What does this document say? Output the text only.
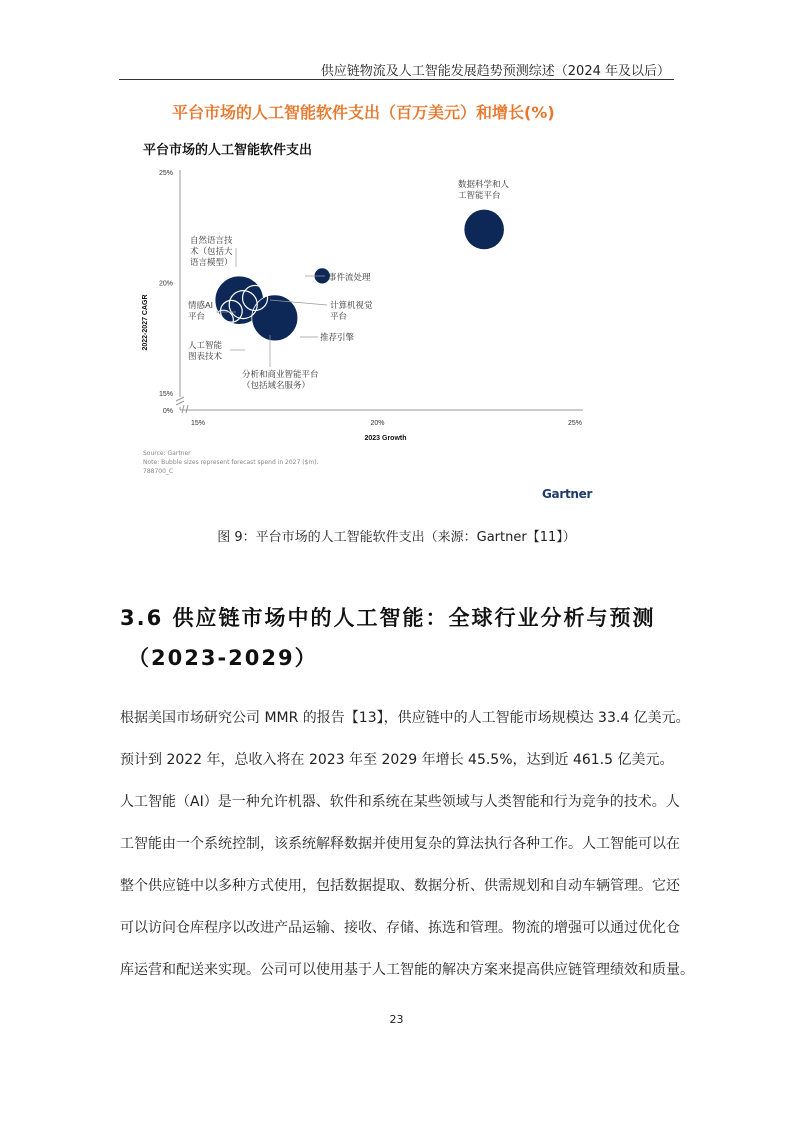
供应链物流及人工智能发展趋势预测综述（2024 年及以后）
平台市场的人工智能软件支出（百万美元）和增长(%)
平台市场的人工智能软件支出
15%	20%	25%
0%
15%
20%
25%
2023 Growth
2022-2027 CAGR
数据科学和人
工智能平台
自然语言技
术（包括大
语言模型）
事件流处理
情感AI
平台
计算机视觉
平台
推荐引擎
人工智能
图表技术
分析和商业智能平台
（包括域名服务）
Source: Gartner
Note: Bubble sizes represent forecast spend in 2027 ($m).
788700_C
Gartner
图 9：平台市场的人工智能软件支出（来源：Gartner【11】）
3.6 供应链市场中的人工智能：全球行业分析与预测
（2023-2029）
根据美国市场研究公司 MMR 的报告【13】，供应链中的人工智能市场规模达 33.4 亿美元。
预计到 2022 年，总收入将在 2023 年至 2029 年增长 45.5%，达到近 461.5 亿美元。
人工智能（AI）是一种允许机器、软件和系统在某些领域与人类智能和行为竞争的技术。人
工智能由一个系统控制，该系统解释数据并使用复杂的算法执行各种工作。人工智能可以在
整个供应链中以多种方式使用，包括数据提取、数据分析、供需规划和自动车辆管理。它还
可以访问仓库程序以改进产品运输、接收、存储、拣选和管理。物流的增强可以通过优化仓
库运营和配送来实现。公司可以使用基于人工智能的解决方案来提高供应链管理绩效和质量。
23
